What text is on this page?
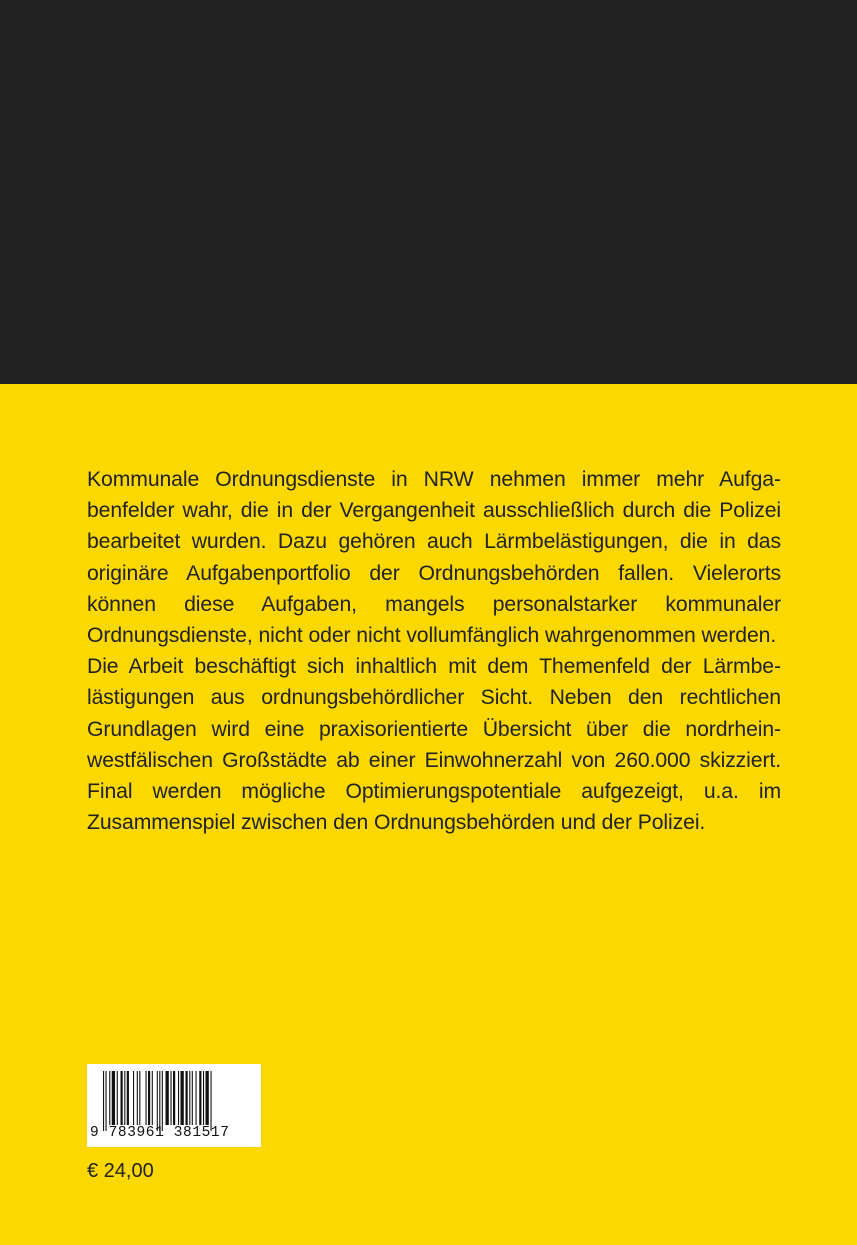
Kommunale Ordnungsdienste in NRW nehmen immer mehr Aufgabenfelder wahr, die in der Vergangenheit ausschließlich durch die Polizei bearbeitet wurden. Dazu gehören auch Lärmbelästigungen, die in das originäre Aufgabenportfolio der Ordnungsbehörden fallen. Vielerorts können diese Aufgaben, mangels personalstarker kommunaler Ordnungsdienste, nicht oder nicht vollumfänglich wahrgenommen werden.

Die Arbeit beschäftigt sich inhaltlich mit dem Themenfeld der Lärmbelästigungen aus ordnungsbehördlicher Sicht. Neben den rechtlichen Grundlagen wird eine praxisorientierte Übersicht über die nordrhein-westfälischen Großstädte ab einer Einwohnerzahl von 260.000 skizziert. Final werden mögliche Optimierungspotentiale aufgezeigt, u.a. im Zusammenspiel zwischen den Ordnungsbehörden und der Polizei.

9 783961 381517
€ 24,00
